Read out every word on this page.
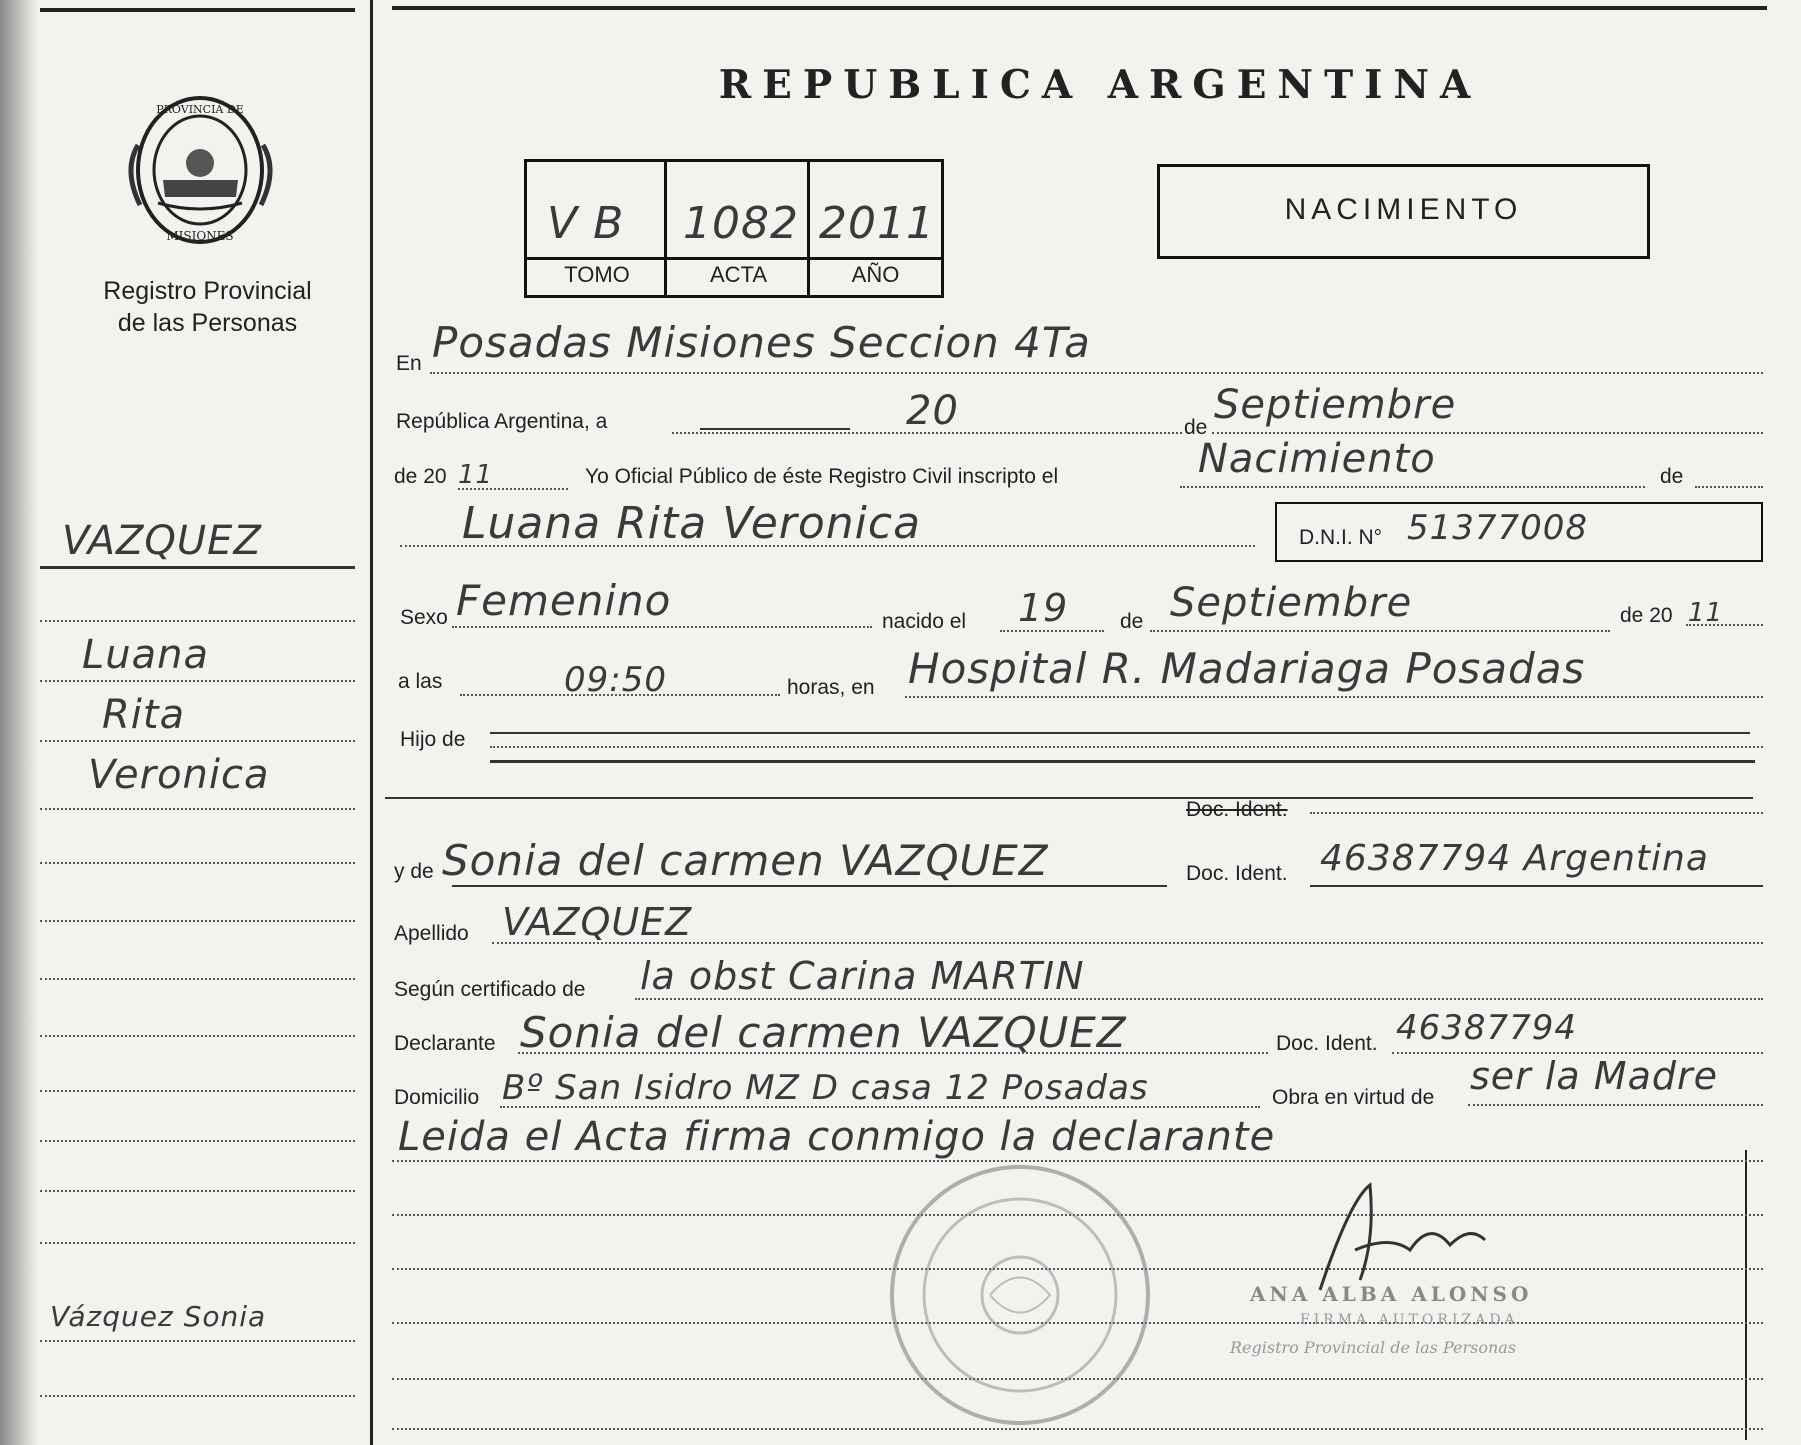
PROVINCIA DE
MISIONES
Registro Provincial
de las Personas
VAZQUEZ
Luana
Rita
Veronica
Vázquez Sonia
REPUBLICA ARGENTINA
V B 1082 2011
TOMO	ACTA	AÑO
NACIMIENTO
En Posadas Misiones Seccion 4Ta
República Argentina, a	20	de Septiembre
de 20 11	Yo Oficial Público de éste Registro Civil inscripto el	Nacimiento	de
Luana Rita Veronica	D.N.I. N° 51377008
Sexo Femenino	nacido el 19 de Septiembre	de 20 11
a las	09:50	horas, en Hospital R. Madariaga Posadas
Hijo de
Doc. Ident.
y de Sonia del carmen VAZQUEZ	Doc. Ident. 46387794 Argentina
Apellido VAZQUEZ
Según certificado de la obst Carina MARTIN
Declarante Sonia del carmen VAZQUEZ	Doc. Ident. 46387794
Domicilio Bº San Isidro MZ D casa 12 Posadas	Obra en virtud de ser la Madre
Leida el Acta firma conmigo la declarante
ANA ALBA ALONSO
FIRMA AUTORIZADA
Registro Provincial de las Personas
